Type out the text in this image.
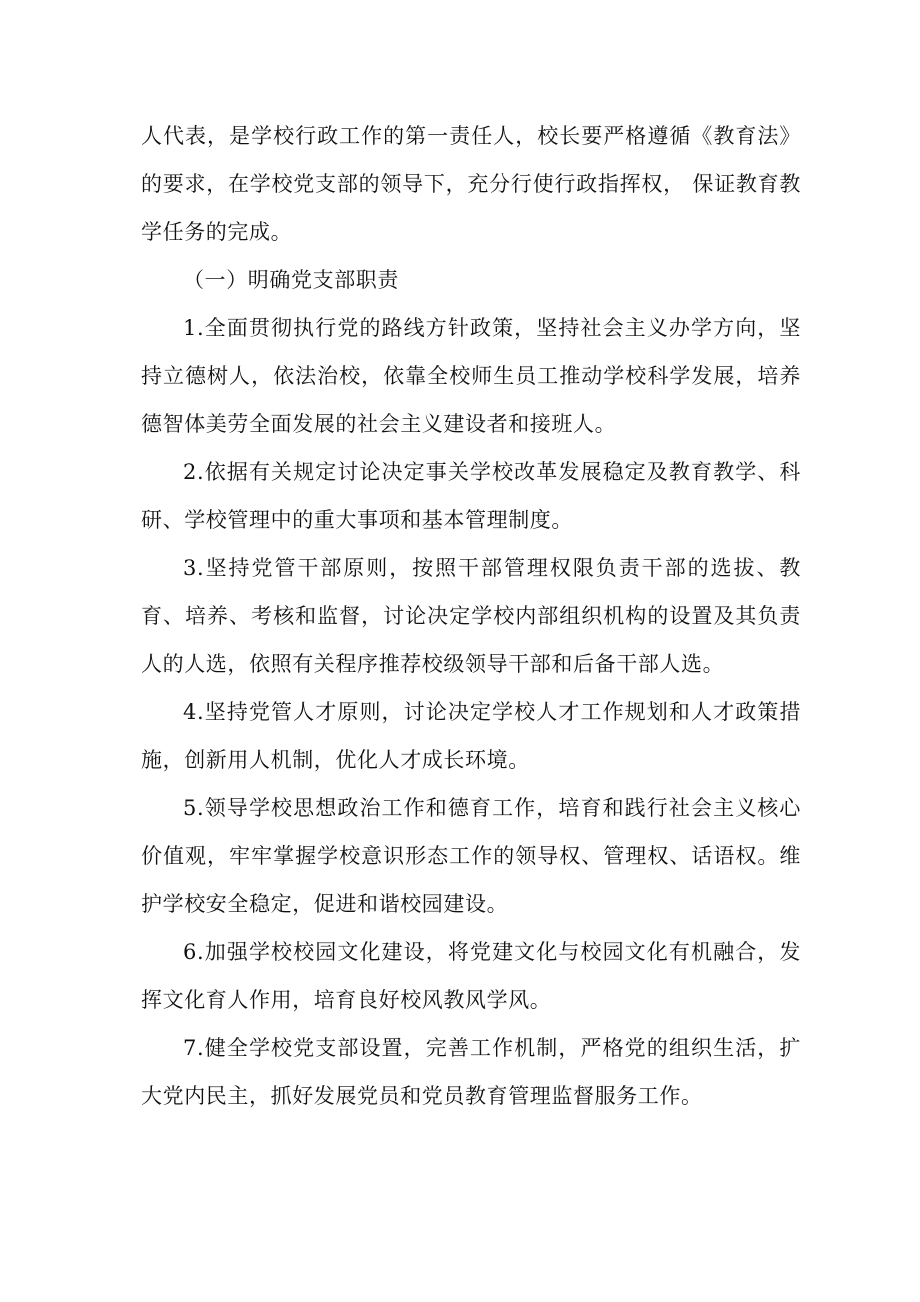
人代表，是学校行政工作的第一责任人，校长要严格遵循《教育法》的要求，在学校党支部的领导下，充分行使行政指挥权， 保证教育教学任务的完成。

（一）明确党支部职责

1.全面贯彻执行党的路线方针政策，坚持社会主义办学方向，坚持立德树人，依法治校，依靠全校师生员工推动学校科学发展，培养德智体美劳全面发展的社会主义建设者和接班人。

2.依据有关规定讨论决定事关学校改革发展稳定及教育教学、科研、学校管理中的重大事项和基本管理制度。

3.坚持党管干部原则，按照干部管理权限负责干部的选拔、教育、培养、考核和监督，讨论决定学校内部组织机构的设置及其负责人的人选，依照有关程序推荐校级领导干部和后备干部人选。

4.坚持党管人才原则，讨论决定学校人才工作规划和人才政策措施，创新用人机制，优化人才成长环境。

5.领导学校思想政治工作和德育工作，培育和践行社会主义核心价值观，牢牢掌握学校意识形态工作的领导权、管理权、话语权。维护学校安全稳定，促进和谐校园建设。

6.加强学校校园文化建设，将党建文化与校园文化有机融合，发挥文化育人作用，培育良好校风教风学风。

7.健全学校党支部设置，完善工作机制，严格党的组织生活，扩大党内民主，抓好发展党员和党员教育管理监督服务工作。
